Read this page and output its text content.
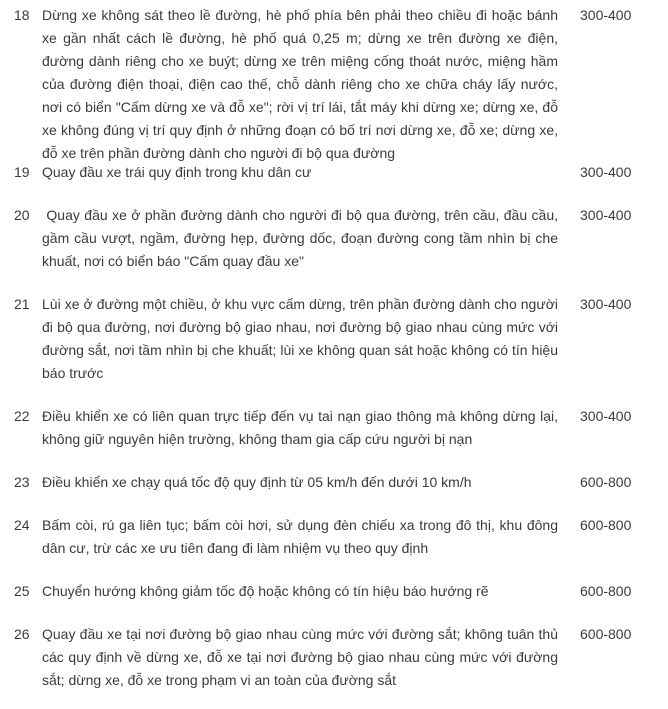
18 Dừng xe không sát theo lề đường, hè phố phía bên phải theo chiều đi hoặc bánh xe gần nhất cách lề đường, hè phố quá 0,25 m; dừng xe trên đường xe điện, đường dành riêng cho xe buýt; dừng xe trên miệng cống thoát nước, miệng hầm của đường điện thoại, điện cao thế, chỗ dành riêng cho xe chữa cháy lấy nước, nơi có biển "Cấm dừng xe và đỗ xe"; rời vị trí lái, tắt máy khi dừng xe; dừng xe, đỗ xe không đúng vị trí quy định ở những đoạn có bố trí nơi dừng xe, đỗ xe; dừng xe, đỗ xe trên phần đường dành cho người đi bộ qua đường
300-400
19 Quay đầu xe trái quy định trong khu dân cư	300-400
20 Quay đầu xe ở phần đường dành cho người đi bộ qua đường, trên cầu, đầu cầu, gầm cầu vượt, ngầm, đường hẹp, đường dốc, đoạn đường cong tầm nhìn bị che khuất, nơi có biển báo "Cấm quay đầu xe"
300-400
21 Lùi xe ở đường một chiều, ở khu vực cấm dừng, trên phần đường dành cho người đi bộ qua đường, nơi đường bộ giao nhau, nơi đường bộ giao nhau cùng mức với đường sắt, nơi tầm nhìn bị che khuất; lùi xe không quan sát hoặc không có tín hiệu báo trước
300-400
22 Điều khiển xe có liên quan trực tiếp đến vụ tai nạn giao thông mà không dừng lại, không giữ nguyên hiện trường, không tham gia cấp cứu người bị nạn
300-400
23 Điều khiển xe chạy quá tốc độ quy định từ 05 km/h đến dưới 10 km/h	600-800
24 Bấm còi, rú ga liên tục; bấm còi hơi, sử dụng đèn chiếu xa trong đô thị, khu đông dân cư, trừ các xe ưu tiên đang đi làm nhiệm vụ theo quy định
600-800
25 Chuyển hướng không giảm tốc độ hoặc không có tín hiệu báo hướng rẽ	600-800
26 Quay đầu xe tại nơi đường bộ giao nhau cùng mức với đường sắt; không tuân thủ các quy định về dừng xe, đỗ xe tại nơi đường bộ giao nhau cùng mức với đường sắt; dừng xe, đỗ xe trong phạm vi an toàn của đường sắt
600-800
